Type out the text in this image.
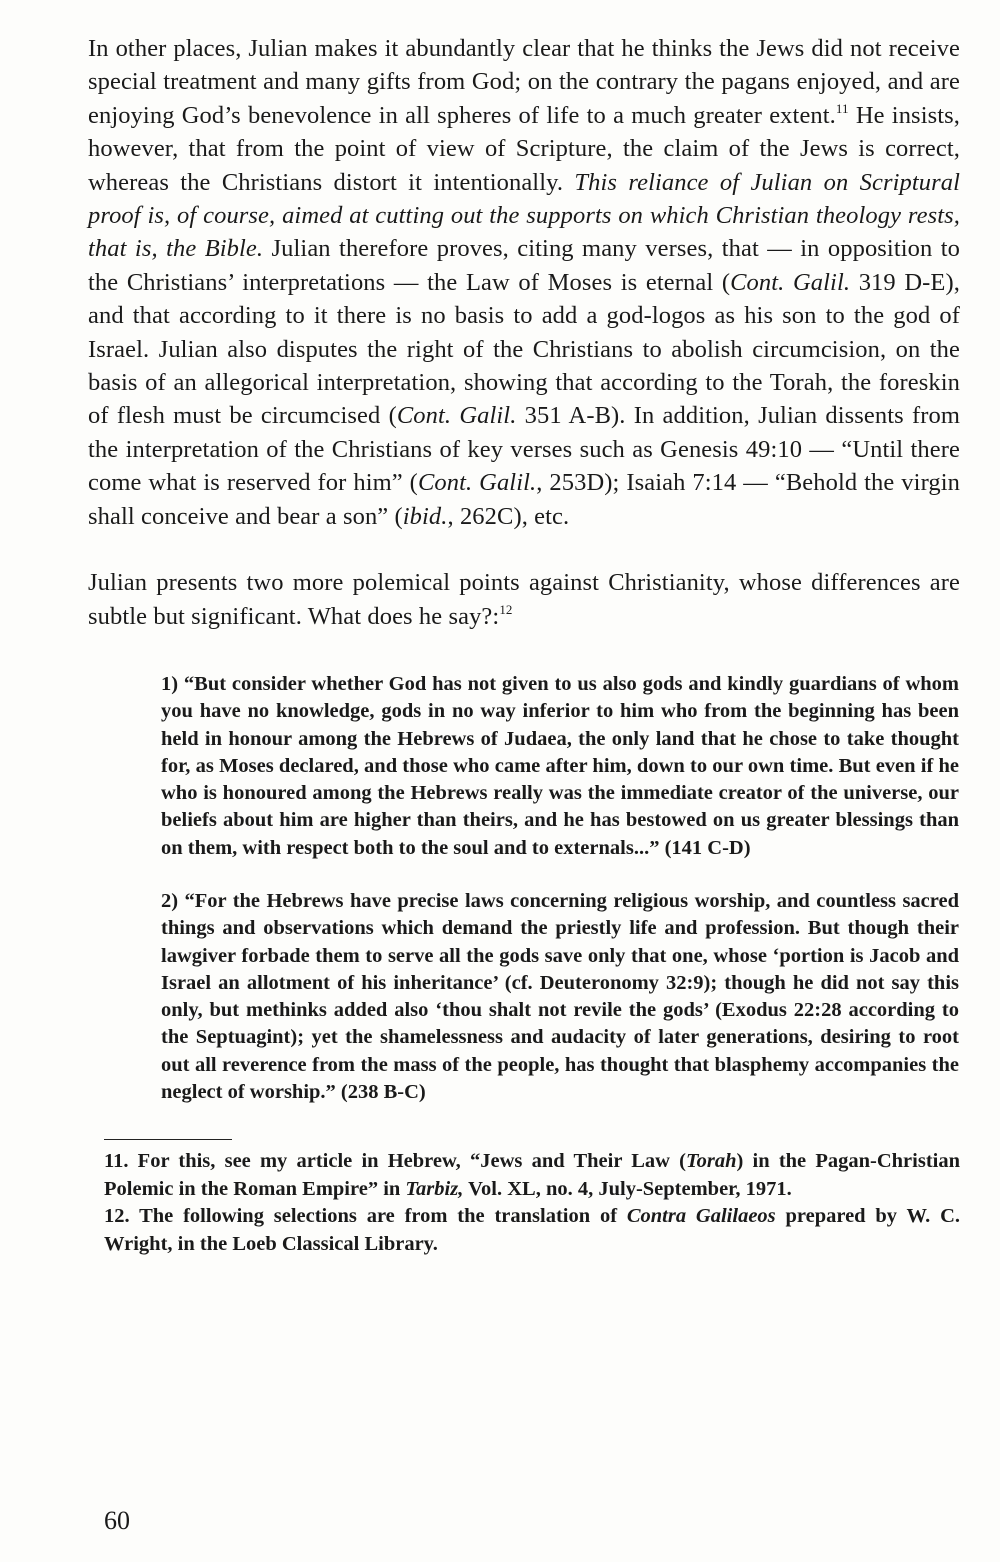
In other places, Julian makes it abundantly clear that he thinks the Jews did not receive special treatment and many gifts from God; on the contrary the pagans enjoyed, and are enjoying God’s benevolence in all spheres of life to a much greater extent.$^{11}$ He insists, however, that from the point of view of Scripture, the claim of the Jews is correct, whereas the Christians distort it intentionally. This reliance of Julian on Scriptural proof is, of course, aimed at cutting out the supports on which Christian theology rests, that is, the Bible. Julian therefore proves, citing many verses, that — in opposition to the Christians’ interpretations — the Law of Moses is eternal (Cont. Galil. 319 D-E), and that according to it there is no basis to add a god-logos as his son to the god of Israel. Julian also disputes the right of the Christians to abolish circumcision, on the basis of an allegorical interpretation, showing that according to the Torah, the foreskin of flesh must be circumcised (Cont. Galil. 351 A-B). In addition, Julian dissents from the interpretation of the Christians of key verses such as Genesis 49:10 — “Until there come what is reserved for him” (Cont. Galil., 253D); Isaiah 7:14 — “Behold the virgin shall conceive and bear a son” (ibid., 262C), etc.

Julian presents two more polemical points against Christianity, whose differences are subtle but significant. What does he say?:$^{12}$

1) “But consider whether God has not given to us also gods and kindly guardians of whom you have no knowledge, gods in no way inferior to him who from the beginning has been held in honour among the Hebrews of Judaea, the only land that he chose to take thought for, as Moses declared, and those who came after him, down to our own time. But even if he who is honoured among the Hebrews really was the immediate creator of the universe, our beliefs about him are higher than theirs, and he has bestowed on us greater blessings than on them, with respect both to the soul and to externals...” (141 C-D)

2) “For the Hebrews have precise laws concerning religious worship, and countless sacred things and observations which demand the priestly life and profession. But though their lawgiver forbade them to serve all the gods save only that one, whose ‘portion is Jacob and Israel an allotment of his inheritance’ (cf. Deuteronomy 32:9); though he did not say this only, but methinks added also ‘thou shalt not revile the gods’ (Exodus 22:28 according to the Septuagint); yet the shamelessness and audacity of later generations, desiring to root out all reverence from the mass of the people, has thought that blasphemy accompanies the neglect of worship.” (238 B-C)

11. For this, see my article in Hebrew, “Jews and Their Law (Torah) in the Pagan-Christian Polemic in the Roman Empire” in Tarbiz, Vol. XL, no. 4, July-September, 1971.

12. The following selections are from the translation of Contra Galilaeos prepared by W. C. Wright, in the Loeb Classical Library.

60
